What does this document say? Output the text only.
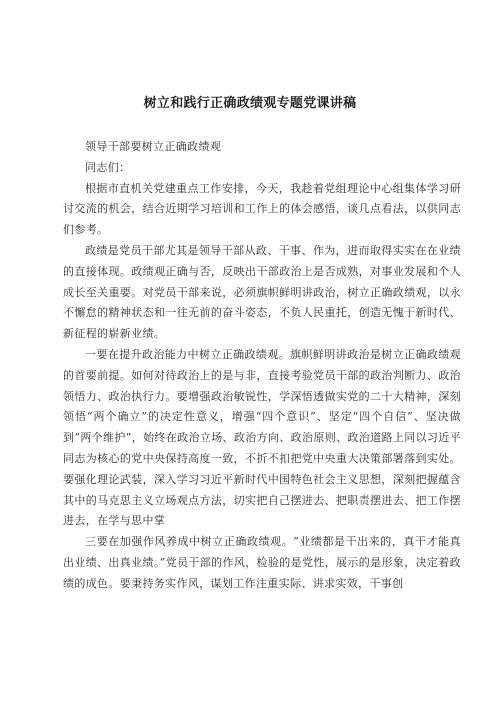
树立和践行正确政绩观专题党课讲稿

领导干部要树立正确政绩观

同志们：

根据市直机关党建重点工作安排，今天，我趁着党组理论中心组集体学习研讨交流的机会，结合近期学习培训和工作上的体会感悟，谈几点看法，以供同志们参考。

政绩是党员干部尤其是领导干部从政、干事、作为，进而取得实实在在业绩的直接体现。政绩观正确与否，反映出干部政治上是否成熟，对事业发展和个人成长至关重要。对党员干部来说，必须旗帜鲜明讲政治，树立正确政绩观，以永不懈怠的精神状态和一往无前的奋斗姿态，不负人民重托，创造无愧于新时代、新征程的崭新业绩。

一要在提升政治能力中树立正确政绩观。旗帜鲜明讲政治是树立正确政绩观的首要前提。如何对待政治上的是与非，直接考验党员干部的政治判断力、政治领悟力、政治执行力。要增强政治敏锐性，学深悟透做实党的二十大精神，深刻领悟“两个确立”的决定性意义，增强“四个意识”、坚定“四个自信”、坚决做到“两个维护”，始终在政治立场、政治方向、政治原则、政治道路上同以习近平同志为核心的党中央保持高度一致，不折不扣把党中央重大决策部署落到实处。要强化理论武装，深入学习习近平新时代中国特色社会主义思想，深刻把握蕴含其中的马克思主义立场观点方法，切实把自己摆进去、把职责摆进去、把工作摆进去，在学与思中掌

三要在加强作风养成中树立正确政绩观。“业绩都是干出来的，真干才能真出业绩、出真业绩。”党员干部的作风，检验的是党性，展示的是形象，决定着政绩的成色。要秉持务实作风，谋划工作注重实际、讲求实效，干事创
